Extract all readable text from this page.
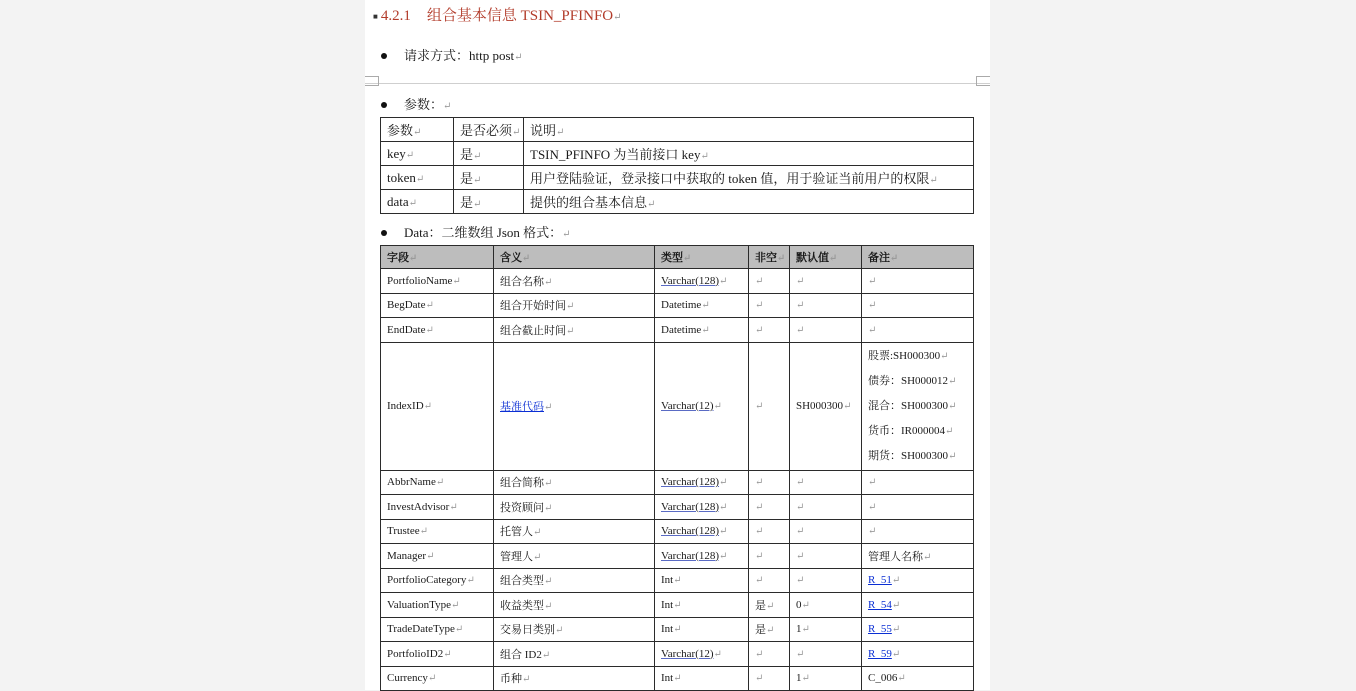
■ 4.2.1 组合基本信息 TSIN_PFINFO↵
请求方式：http post↵
参数：↵
参数↵	是否必须↵	说明↵
key↵	是↵	TSIN_PFINFO 为当前接口 key↵
token↵	是↵	用户登陆验证，登录接口中获取的 token 值，用于验证当前用户的权限↵
data↵	是↵	提供的组合基本信息↵
Data：二维数组 Json 格式：↵
字段↵	含义↵	类型↵	非空↵	默认值↵	备注↵
PortfolioName↵	组合名称↵	Varchar(128)↵	↵	↵	↵
BegDate↵	组合开始时间↵	Datetime↵	↵	↵	↵
EndDate↵	组合截止时间↵	Datetime↵	↵	↵	↵
IndexID↵	基准代码↵	Varchar(12)↵	↵	SH000300↵	股票:SH000300↵
债券：SH000012↵
混合：SH000300↵
货币：IR000004↵
期货：SH000300↵

AbbrName↵	组合简称↵	Varchar(128)↵	↵	↵	↵
InvestAdvisor↵	投资顾问↵	Varchar(128)↵	↵	↵	↵
Trustee↵	托管人↵	Varchar(128)↵	↵	↵	↵
Manager↵	管理人↵	Varchar(128)↵	↵	↵	管理人名称↵
PortfolioCategory↵	组合类型↵	Int↵	↵	↵	R_51↵
ValuationType↵	收益类型↵	Int↵	是↵	0↵	R_54↵
TradeDateType↵	交易日类别↵	Int↵	是↵	1↵	R_55↵
PortfolioID2↵	组合 ID2↵	Varchar(12)↵	↵	↵	R_59↵
Currency↵	币种↵	Int↵	↵	1↵	C_006↵
